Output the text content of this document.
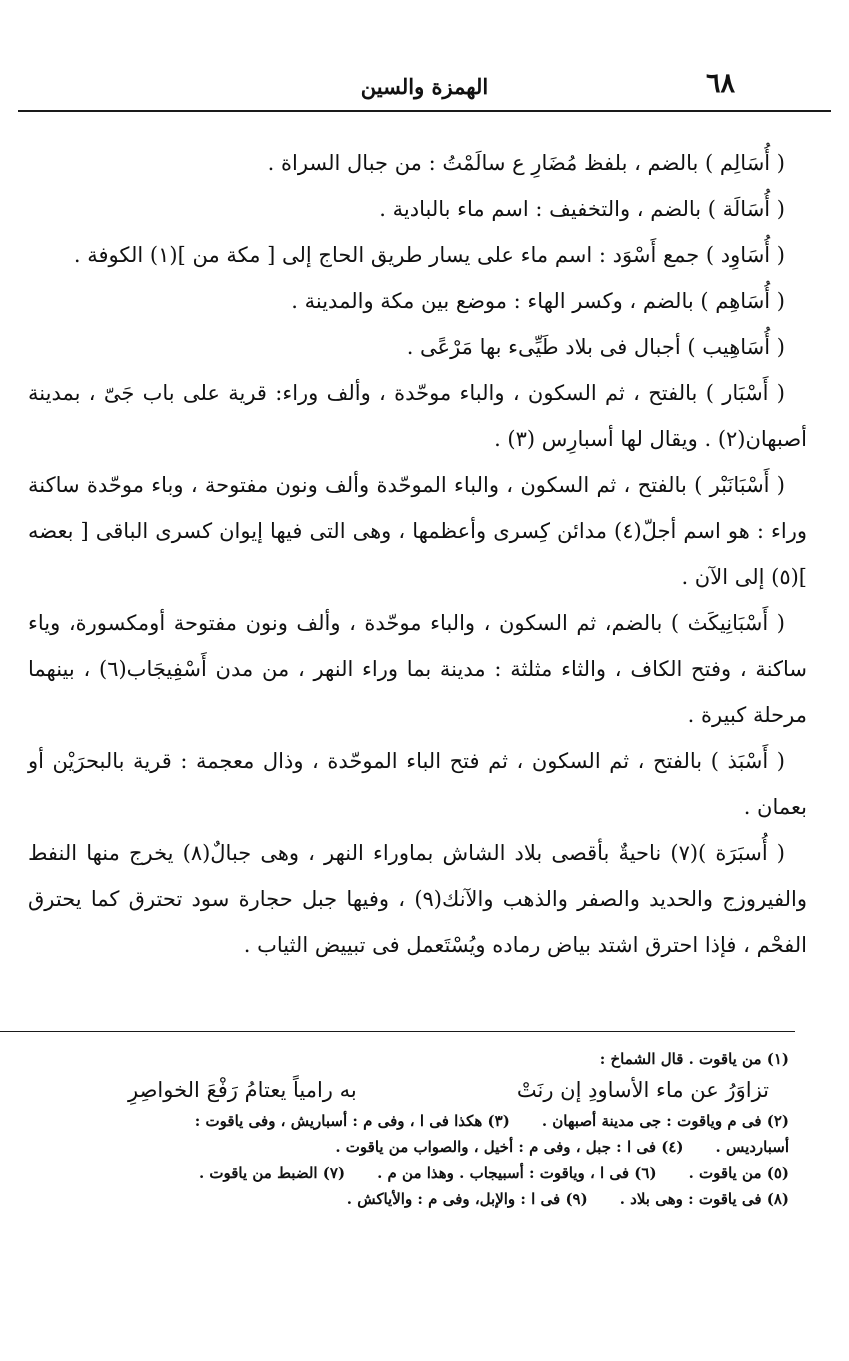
٦٨
الهمزة والسين

( أُسَالِم ) بالضم ، بلفظ مُضَارِ ع سالَمْتُ : من جبال السراة .

( أُسَالَة ) بالضم ، والتخفيف : اسم ماء بالبادية .

( أُسَاوِد ) جمع أَسْوَد : اسم ماء على يسار طريق الحاج إلى [ مكة من ](١) الكوفة .

( أُسَاهِم ) بالضم ، وكسر الهاء : موضع بين مكة والمدينة .

( أُسَاهِيب ) أجبال فى بلاد طَيِّىء بها مَرْعًى .

( أَسْبَار ) بالفتح ، ثم السكون ، والباء موحّدة ، وألف وراء: قرية على باب جَىّ ، بمدينة أصبهان(٢) . ويقال لها أسبارِس (٣) .

( أَسْبَانَبْر ) بالفتح ، ثم السكون ، والباء الموحّدة وألف ونون مفتوحة ، وباء موحّدة ساكنة وراء : هو اسم أجلّ(٤) مدائن كِسرى وأعظمها ، وهى التى فيها إيوان كسرى الباقى [ بعضه ](٥) إلى الآن .

( أَسْبَانِيكَث ) بالضم، ثم السكون ، والباء موحّدة ، وألف ونون مفتوحة أومكسورة، وياء ساكنة ، وفتح الكاف ، والثاء مثلثة : مدينة بما وراء النهر ، من مدن أَسْفِيجَاب(٦) ، بينهما مرحلة كبيرة .

( أَسْبَذ ) بالفتح ، ثم السكون ، ثم فتح الباء الموحّدة ، وذال معجمة : قرية بالبحرَيْن أو بعمان .

( أُسبَرَة )(٧) ناحيةٌ بأقصى بلاد الشاش بماوراء النهر ، وهى جبالٌ(٨) يخرج منها النفط والفيروزج والحديد والصفر والذهب والآنك(٩) ، وفيها جبل حجارة سود تحترق كما يحترق الفحْم ، فإذا احترق اشتد بياض رماده ويُسْتَعمل فى تبييض الثياب .

(١) من ياقوت . قال الشماخ :

تزاوَرُ عن ماء الأساودِ إن رنَتْ
به رامياً يعتامُ رَفْعَ الخواصِرِ
(٢) فى م وياقوت : جى مدينة أصبهان .
(٣) هكذا فى ا ، وفى م : أسباريش ، وفى ياقوت :
أسبارديس .
(٤) فى ا : جبل ، وفى م : أخيل ، والصواب من ياقوت .
(٥) من ياقوت .
(٦) فى ا ، وياقوت : أسبيجاب . وهذا من م .
(٧) الضبط من ياقوت .
(٨) فى ياقوت : وهى بلاد .
(٩) فى ا : والإبل، وفى م : والأياكش .
